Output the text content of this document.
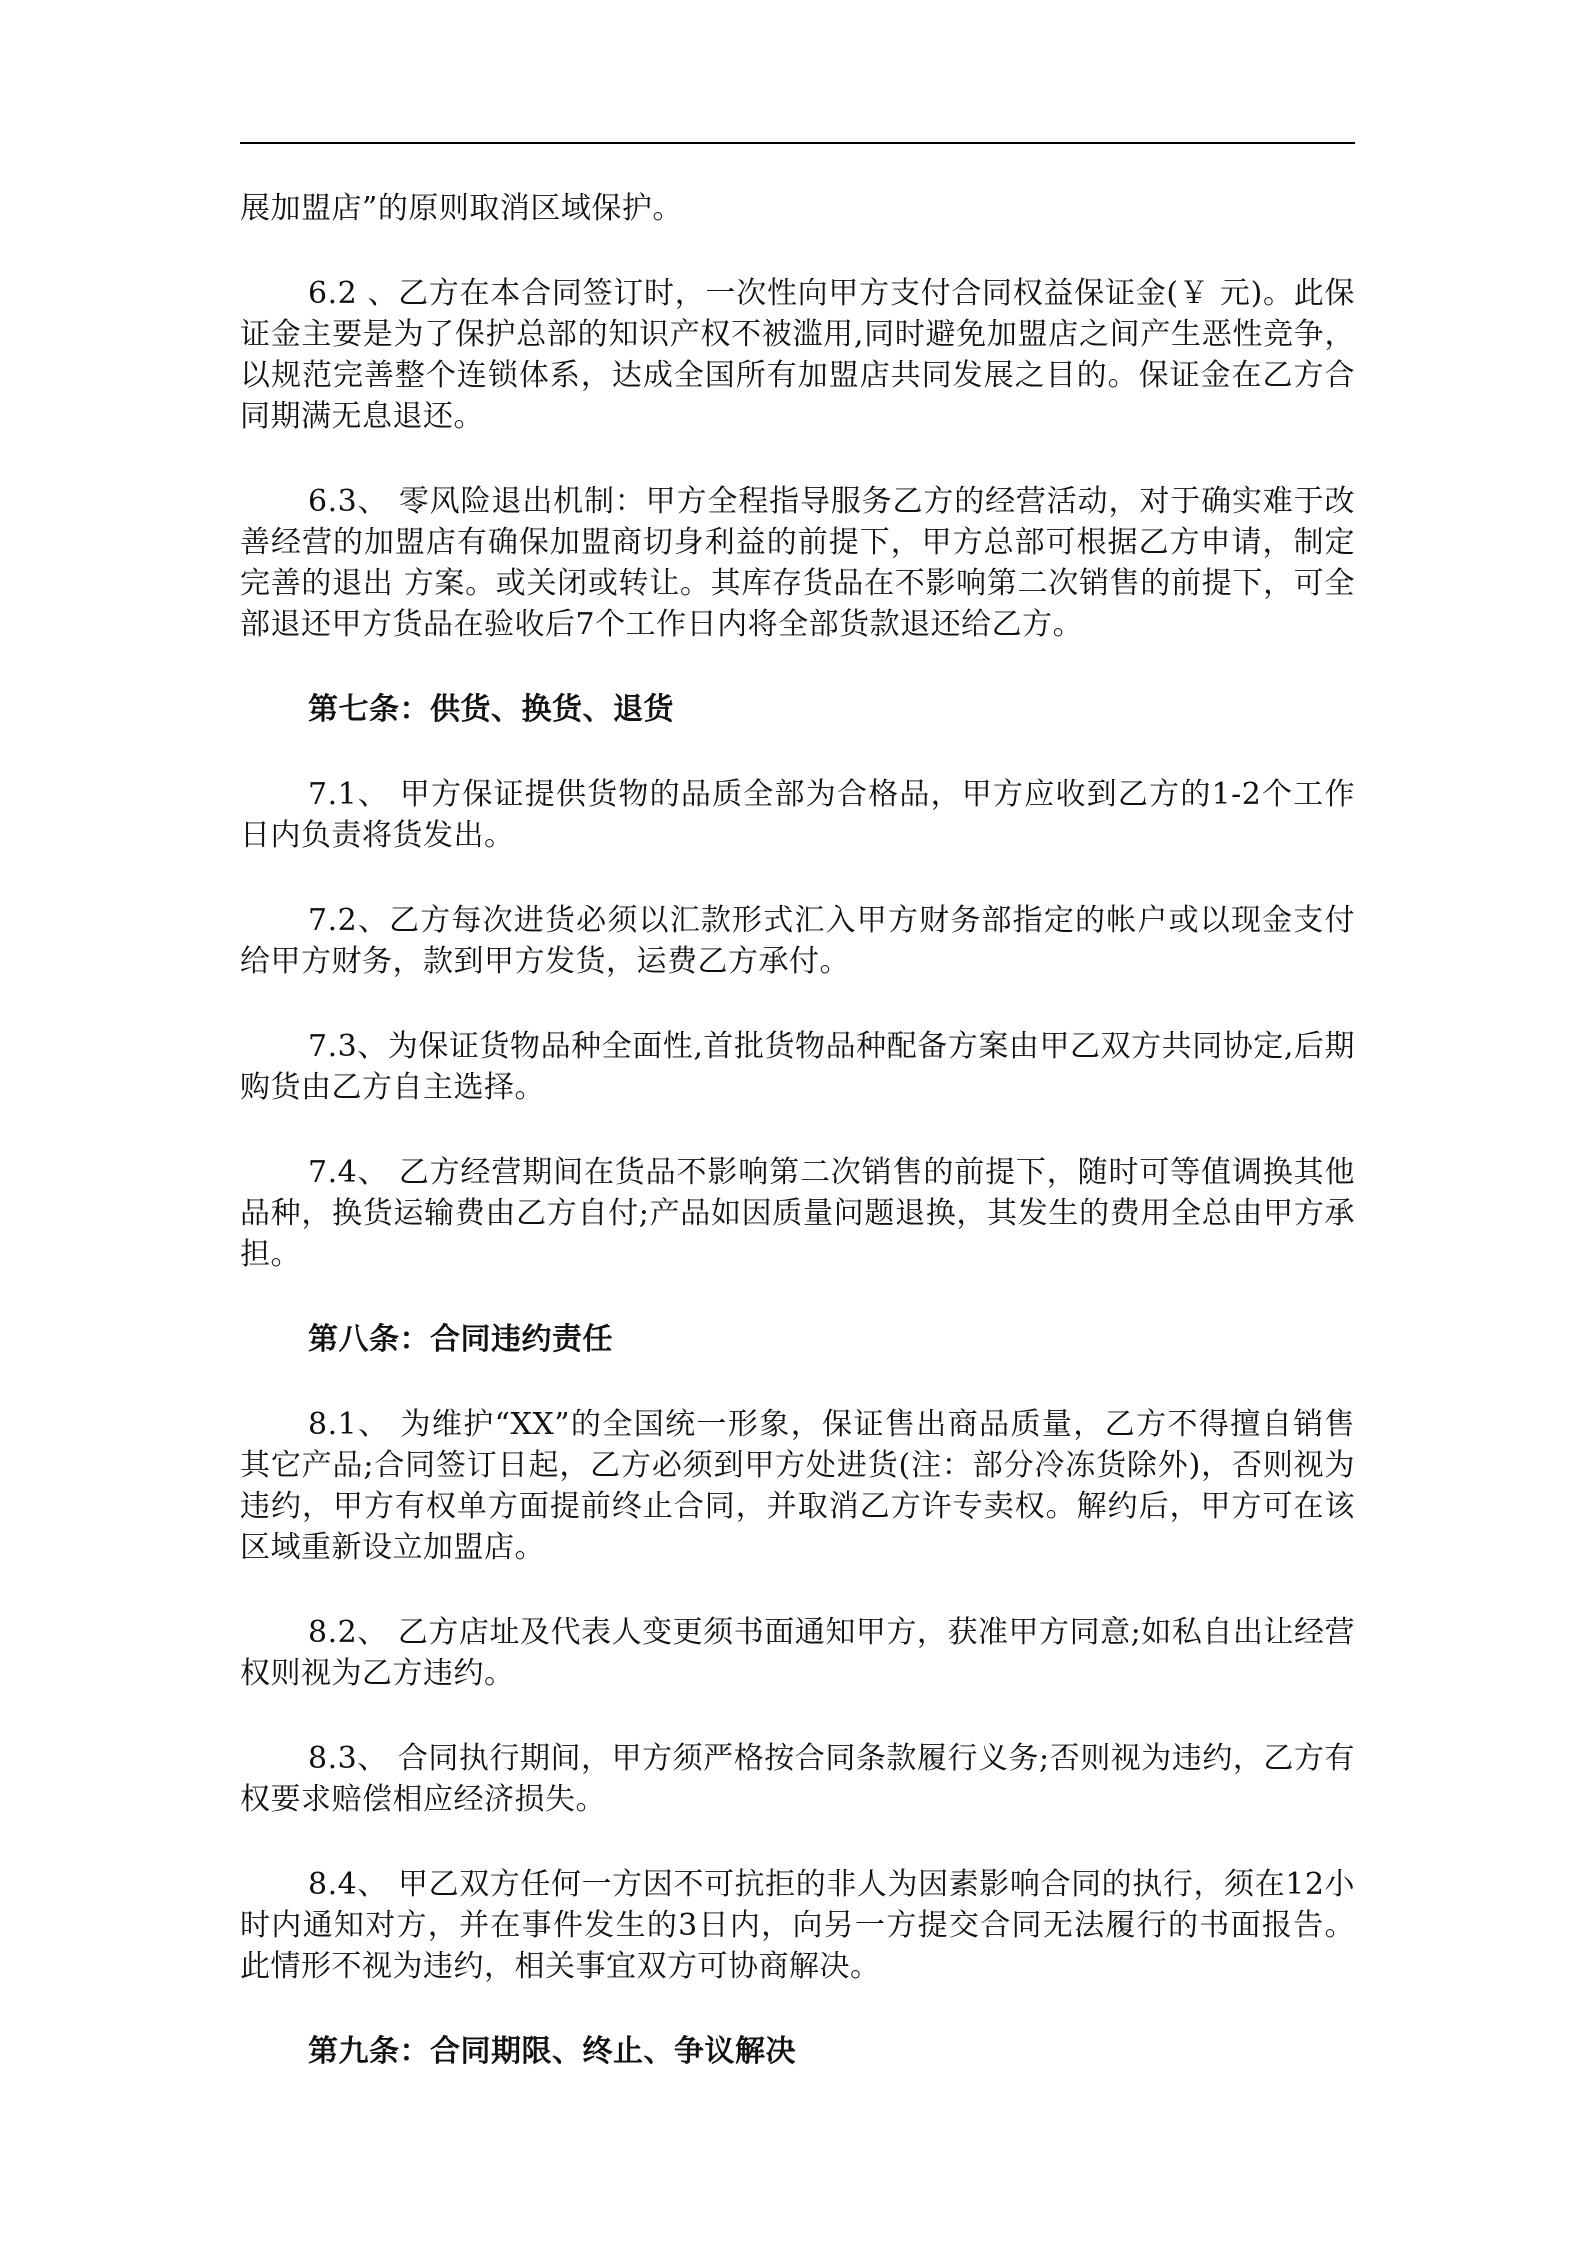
展加盟店”的原则取消区域保护。

6.2 、乙方在本合同签订时，一次性向甲方支付合同权益保证金(￥ 元)。此保证金主要是为了保护总部的知识产权不被滥用,同时避免加盟店之间产生恶性竞争，以规范完善整个连锁体系，达成全国所有加盟店共同发展之目的。保证金在乙方合同期满无息退还。

6.3、 零风险退出机制：甲方全程指导服务乙方的经营活动，对于确实难于改善经营的加盟店有确保加盟商切身利益的前提下，甲方总部可根据乙方申请，制定完善的退出 方案。或关闭或转让。其库存货品在不影响第二次销售的前提下，可全部退还甲方货品在验收后7个工作日内将全部货款退还给乙方。

第七条：供货、换货、退货

7.1、 甲方保证提供货物的品质全部为合格品，甲方应收到乙方的1-2个工作日内负责将货发出。

7.2、乙方每次进货必须以汇款形式汇入甲方财务部指定的帐户或以现金支付给甲方财务，款到甲方发货，运费乙方承付。

7.3、为保证货物品种全面性,首批货物品种配备方案由甲乙双方共同协定,后期购货由乙方自主选择。

7.4、 乙方经营期间在货品不影响第二次销售的前提下，随时可等值调换其他品种，换货运输费由乙方自付;产品如因质量问题退换，其发生的费用全总由甲方承担。

第八条：合同违约责任

8.1、 为维护“XX”的全国统一形象，保证售出商品质量，乙方不得擅自销售其它产品;合同签订日起，乙方必须到甲方处进货(注：部分冷冻货除外)，否则视为违约，甲方有权单方面提前终止合同，并取消乙方许专卖权。解约后，甲方可在该区域重新设立加盟店。

8.2、 乙方店址及代表人变更须书面通知甲方，获准甲方同意;如私自出让经营权则视为乙方违约。

8.3、 合同执行期间，甲方须严格按合同条款履行义务;否则视为违约，乙方有权要求赔偿相应经济损失。

8.4、 甲乙双方任何一方因不可抗拒的非人为因素影响合同的执行，须在12小时内通知对方，并在事件发生的3日内，向另一方提交合同无法履行的书面报告。此情形不视为违约，相关事宜双方可协商解决。

第九条：合同期限、终止、争议解决
